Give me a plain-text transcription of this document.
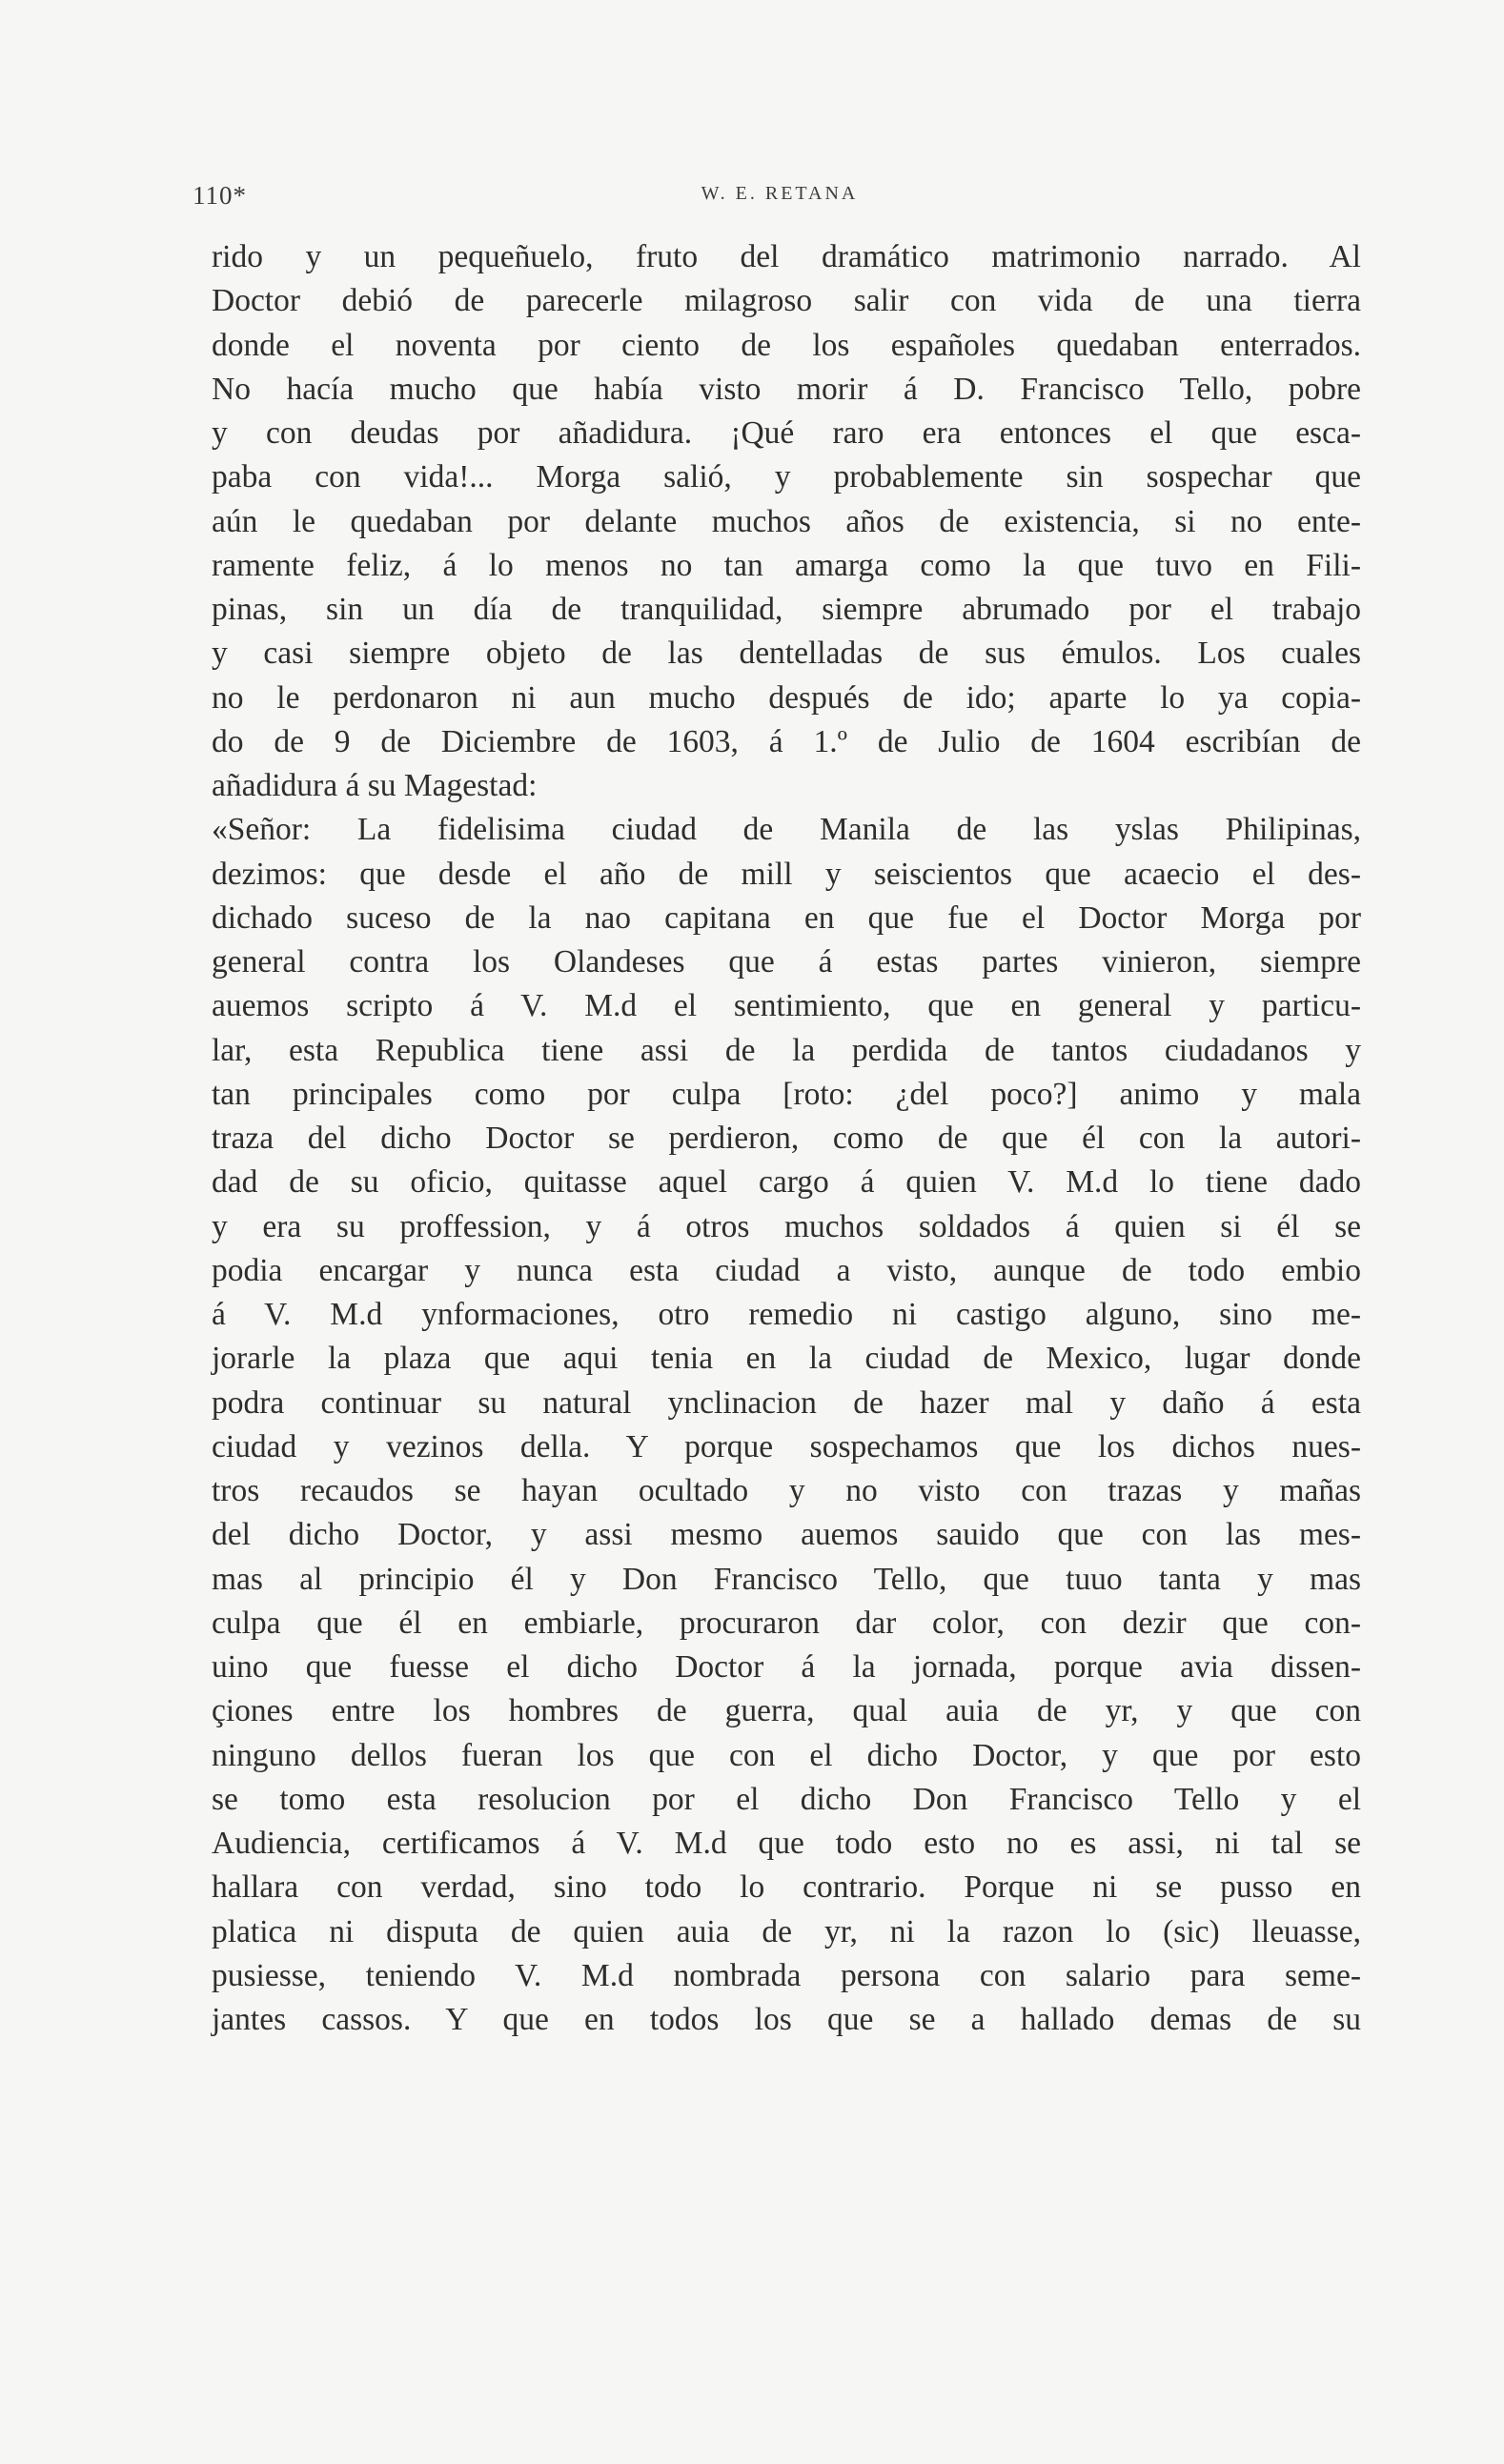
110*	W. E. RETANA
rido y un pequeñuelo, fruto del dramático matrimonio narrado. Al
Doctor debió de parecerle milagroso salir con vida de una tierra
donde el noventa por ciento de los españoles quedaban enterrados.
No hacía mucho que había visto morir á D. Francisco Tello, pobre
y con deudas por añadidura. ¡Qué raro era entonces el que esca-
paba con vida!... Morga salió, y probablemente sin sospechar que
aún le quedaban por delante muchos años de existencia, si no ente-
ramente feliz, á lo menos no tan amarga como la que tuvo en Fili-
pinas, sin un día de tranquilidad, siempre abrumado por el trabajo
y casi siempre objeto de las dentelladas de sus émulos. Los cuales
no le perdonaron ni aun mucho después de ido; aparte lo ya copia-
do de 9 de Diciembre de 1603, á 1.º de Julio de 1604 escribían de
añadidura á su Magestad:
«Señor: La fidelisima ciudad de Manila de las yslas Philipinas,
dezimos: que desde el año de mill y seiscientos que acaecio el des-
dichado suceso de la nao capitana en que fue el Doctor Morga por
general contra los Olandeses que á estas partes vinieron, siempre
auemos scripto á V. M.d el sentimiento, que en general y particu-
lar, esta Republica tiene assi de la perdida de tantos ciudadanos y
tan principales como por culpa [roto: ¿del poco?] animo y mala
traza del dicho Doctor se perdieron, como de que él con la autori-
dad de su oficio, quitasse aquel cargo á quien V. M.d lo tiene dado
y era su proffession, y á otros muchos soldados á quien si él se
podia encargar y nunca esta ciudad a visto, aunque de todo embio
á V. M.d ynformaciones, otro remedio ni castigo alguno, sino me-
jorarle la plaza que aqui tenia en la ciudad de Mexico, lugar donde
podra continuar su natural ynclinacion de hazer mal y daño á esta
ciudad y vezinos della. Y porque sospechamos que los dichos nues-
tros recaudos se hayan ocultado y no visto con trazas y mañas
del dicho Doctor, y assi mesmo auemos sauido que con las mes-
mas al principio él y Don Francisco Tello, que tuuo tanta y mas
culpa que él en embiarle, procuraron dar color, con dezir que con-
uino que fuesse el dicho Doctor á la jornada, porque avia dissen-
çiones entre los hombres de guerra, qual auia de yr, y que con
ninguno dellos fueran los que con el dicho Doctor, y que por esto
se tomo esta resolucion por el dicho Don Francisco Tello y el
Audiencia, certificamos á V. M.d que todo esto no es assi, ni tal se
hallara con verdad, sino todo lo contrario. Porque ni se pusso en
platica ni disputa de quien auia de yr, ni la razon lo (sic) lleuasse,
pusiesse, teniendo V. M.d nombrada persona con salario para seme-
jantes cassos. Y que en todos los que se a hallado demas de su
